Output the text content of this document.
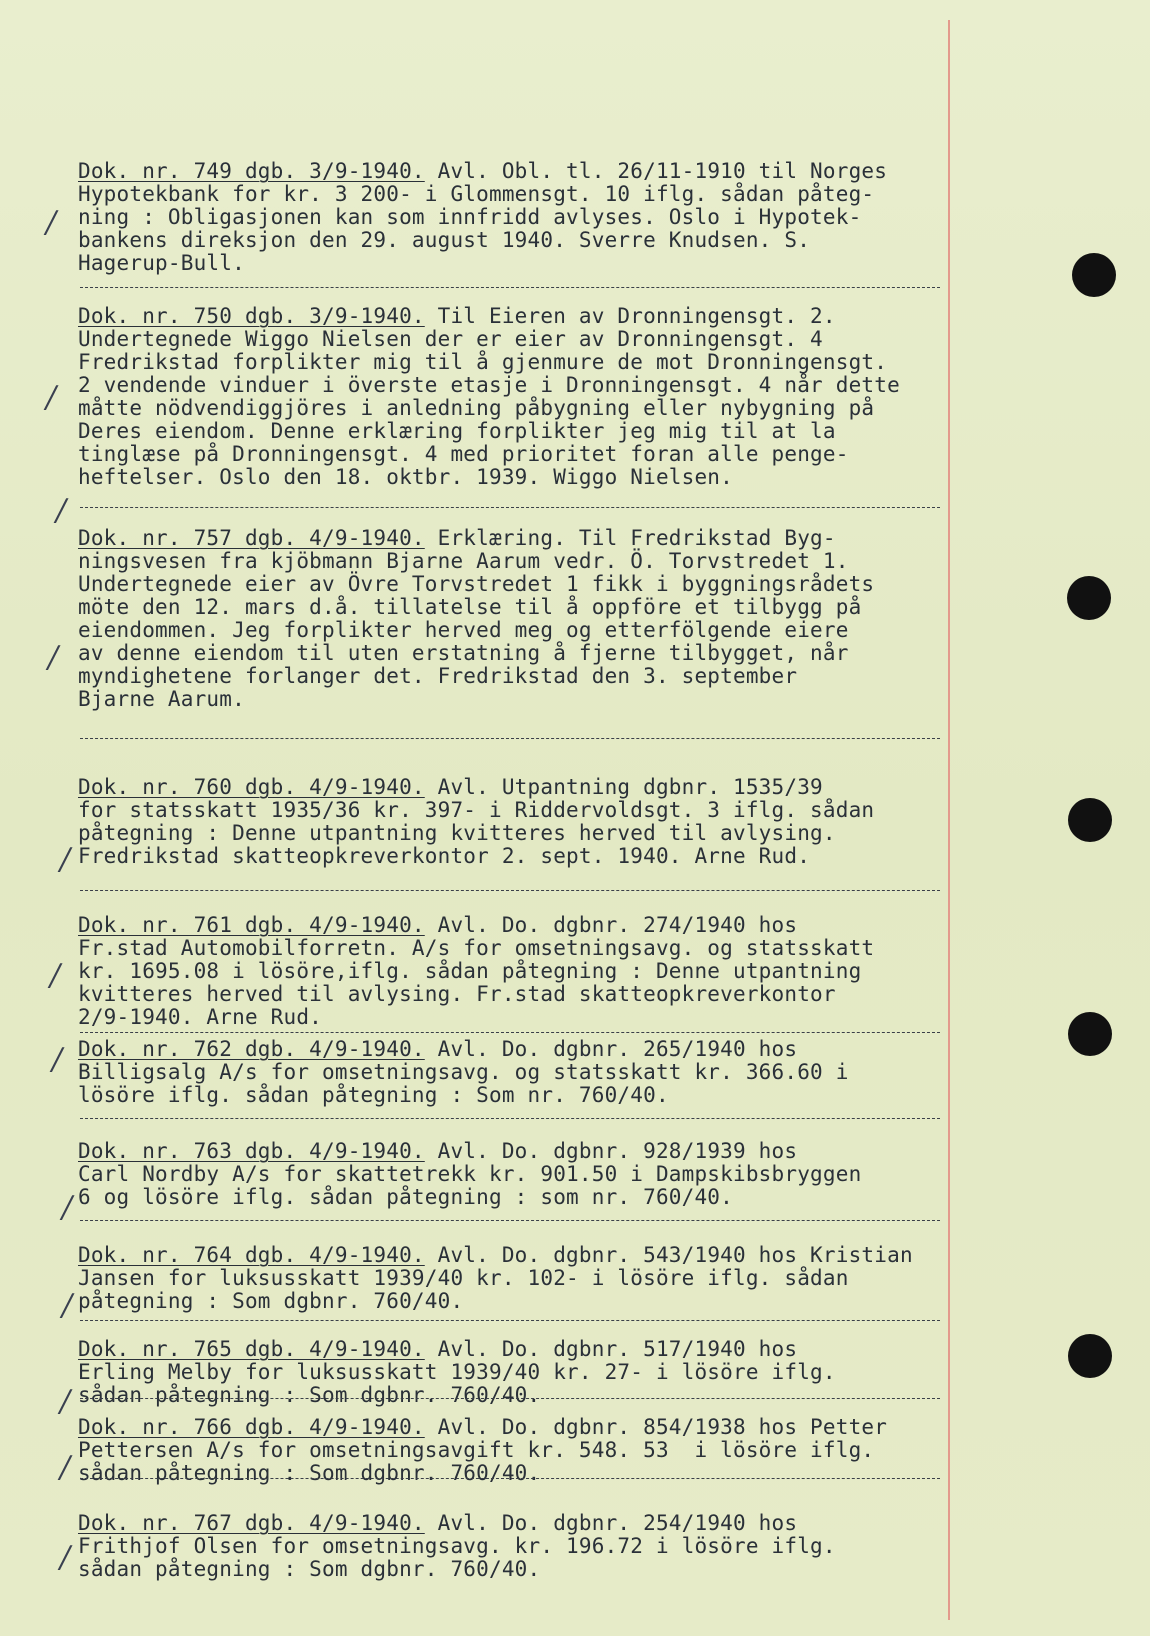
/
/
/
/
/
/
/
/
/
/
/
/
Dok. nr. 749 dgb. 3/9-1940. Avl. Obl. tl. 26/11-1910 til Norges
Hypotekbank for kr. 3 200- i Glommensgt. 10 iflg. sådan påteg-
ning : Obligasjonen kan som innfridd avlyses. Oslo i Hypotek-
bankens direksjon den 29. august 1940. Sverre Knudsen. S.
Hagerup-Bull.
Dok. nr. 750 dgb. 3/9-1940. Til Eieren av Dronningensgt. 2.
Undertegnede Wiggo Nielsen der er eier av Dronningensgt. 4
Fredrikstad forplikter mig til å gjenmure de mot Dronningensgt.
2 vendende vinduer i överste etasje i Dronningensgt. 4 når dette
måtte nödvendiggjöres i anledning påbygning eller nybygning på
Deres eiendom. Denne erklæring forplikter jeg mig til at la
tinglæse på Dronningensgt. 4 med prioritet foran alle penge-
heftelser. Oslo den 18. oktbr. 1939. Wiggo Nielsen.
Dok. nr. 757 dgb. 4/9-1940. Erklæring. Til Fredrikstad Byg-
ningsvesen fra kjöbmann Bjarne Aarum vedr. Ö. Torvstredet 1.
Undertegnede eier av Övre Torvstredet 1 fikk i byggningsrådets
möte den 12. mars d.å. tillatelse til å oppföre et tilbygg på
eiendommen. Jeg forplikter herved meg og etterfölgende eiere
av denne eiendom til uten erstatning å fjerne tilbygget, når
myndighetene forlanger det. Fredrikstad den 3. september
Bjarne Aarum.
Dok. nr. 760 dgb. 4/9-1940. Avl. Utpantning dgbnr. 1535/39
for statsskatt 1935/36 kr. 397- i Riddervoldsgt. 3 iflg. sådan
påtegning : Denne utpantning kvitteres herved til avlysing.
Fredrikstad skatteopkreverkontor 2. sept. 1940. Arne Rud.
Dok. nr. 761 dgb. 4/9-1940. Avl. Do. dgbnr. 274/1940 hos
Fr.stad Automobilforretn. A/s for omsetningsavg. og statsskatt
kr. 1695.08 i lösöre,iflg. sådan påtegning : Denne utpantning
kvitteres herved til avlysing. Fr.stad skatteopkreverkontor
2/9-1940. Arne Rud.
Dok. nr. 762 dgb. 4/9-1940. Avl. Do. dgbnr. 265/1940 hos
Billigsalg A/s for omsetningsavg. og statsskatt kr. 366.60 i
lösöre iflg. sådan påtegning : Som nr. 760/40.
Dok. nr. 763 dgb. 4/9-1940. Avl. Do. dgbnr. 928/1939 hos
Carl Nordby A/s for skattetrekk kr. 901.50 i Dampskibsbryggen
6 og lösöre iflg. sådan påtegning : som nr. 760/40.
Dok. nr. 764 dgb. 4/9-1940. Avl. Do. dgbnr. 543/1940 hos Kristian
Jansen for luksusskatt 1939/40 kr. 102- i lösöre iflg. sådan
påtegning : Som dgbnr. 760/40.
Dok. nr. 765 dgb. 4/9-1940. Avl. Do. dgbnr. 517/1940 hos
Erling Melby for luksusskatt 1939/40 kr. 27- i lösöre iflg.
sådan påtegning : Som dgbnr. 760/40.
Dok. nr. 766 dgb. 4/9-1940. Avl. Do. dgbnr. 854/1938 hos Petter
Pettersen A/s for omsetningsavgift kr. 548. 53  i lösöre iflg.
sådan påtegning : Som dgbnr. 760/40.
Dok. nr. 767 dgb. 4/9-1940. Avl. Do. dgbnr. 254/1940 hos
Frithjof Olsen for omsetningsavg. kr. 196.72 i lösöre iflg.
sådan påtegning : Som dgbnr. 760/40.
